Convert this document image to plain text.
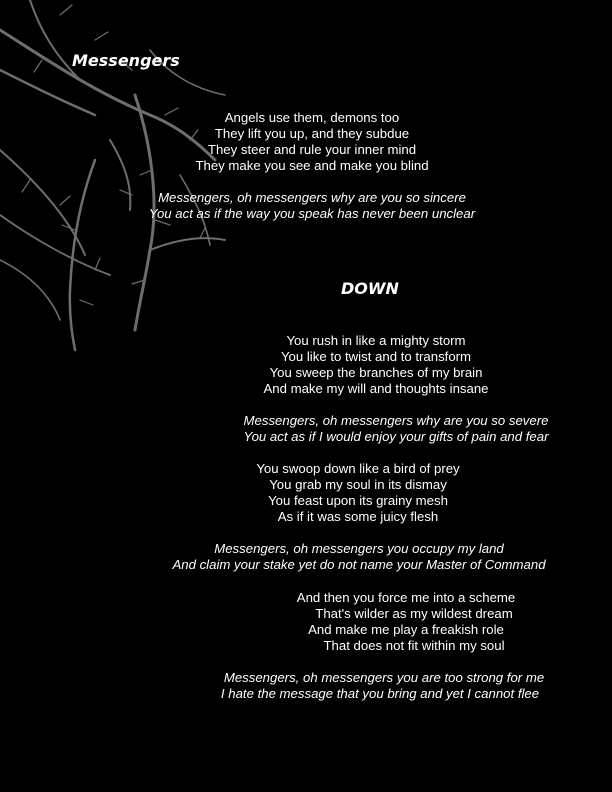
Messengers
DOWN
Angels use them, demons too
They lift you up, and they subdue
They steer and rule your inner mind
They make you see and make you blind
Messengers, oh messengers why are you so sincere
You act as if the way you speak has never been unclear
You rush in like a mighty storm
You like to twist and to transform
You sweep the branches of my brain
And make my will and thoughts insane
Messengers, oh messengers why are you so severe
You act as if I would enjoy your gifts of pain and fear
You swoop down like a bird of prey
You grab my soul in its dismay
You feast upon its grainy mesh
As if it was some juicy flesh
Messengers, oh messengers you occupy my land
And claim your stake yet do not name your Master of Command
And then you force me into a scheme
That's wilder as my wildest dream
And make me play a freakish role
That does not fit within my soul
Messengers, oh messengers you are too strong for me
I hate the message that you bring and yet I cannot flee
